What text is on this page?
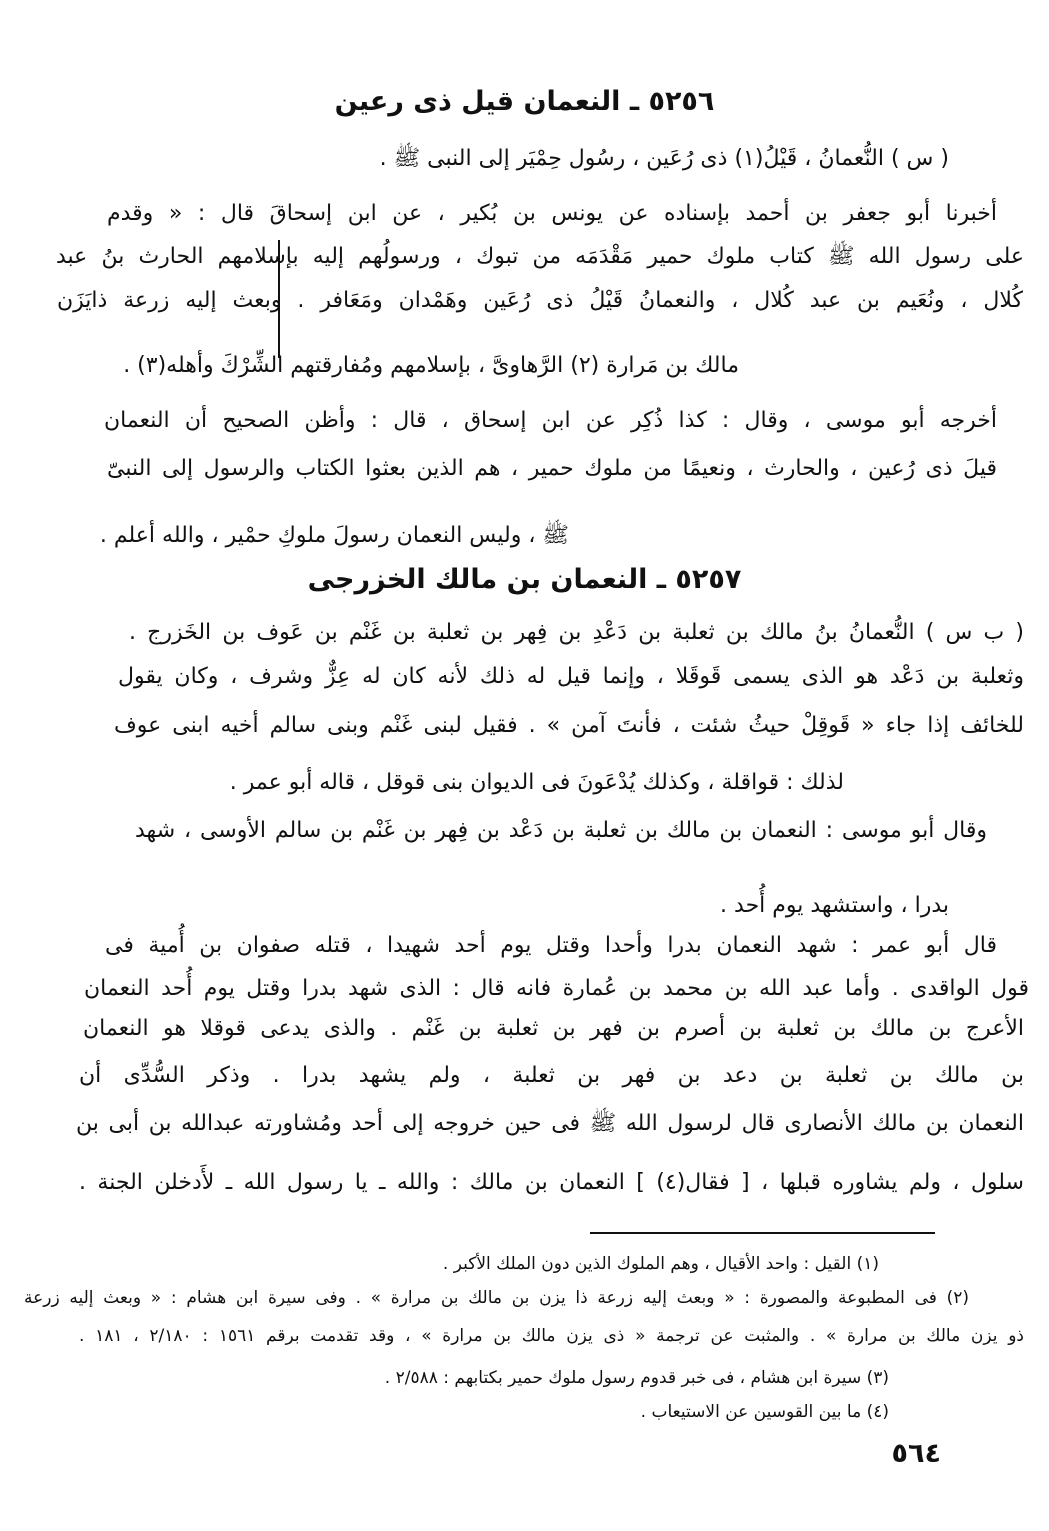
٥٢٥٦ ـ النعمان قيل ذى رعين
( س ) النُّعمانُ ، قَيْلُ(١) ذى رُعَين ، رسُول حِمْيَر إلى النبى ﷺ .
أخبرنا أبو جعفر بن أحمد بإسناده عن يونس بن بُكير ، عن ابن إسحاقَ قال : « وقدم
على رسول الله ﷺ كتاب ملوك حمير مَقْدَمَه من تبوك ، ورسولُهم إليه بإسلامهم الحارث بنُ عبد
كُلال ، ونُعَيم بن عبد كُلال ، والنعمانُ قَيْلُ ذى رُعَين وهَمْدان ومَعَافر . وبعث إليه زرعة ذايَزَن
مالك بن مَرارة (٢) الرَّهاوىَّ ، بإسلامهم ومُفارقتهم الشِّرْكَ وأهله(٣) .
أخرجه أبو موسى ، وقال : كذا ذُكِر عن ابن إسحاق ، قال : وأظن الصحيح أن النعمان
قيلَ ذى رُعين ، والحارث ، ونعيمًا من ملوك حمير ، هم الذين بعثوا الكتاب والرسول إلى النبىّ
ﷺ ، وليس النعمان رسولَ ملوكِ حمْير ، والله أعلم .
٥٢٥٧ ـ النعمان بن مالك الخزرجى
( ب س ) النُّعمانُ بنُ مالك بن ثعلبة بن دَعْدِ بن فِهر بن ثعلبة بن غَنْم بن عَوف بن الخَزرج .
وثعلبة بن دَعْد هو الذى يسمى قَوقَلا ، وإنما قيل له ذلك لأنه كان له عِزٌّ وشرف ، وكان يقول
للخائف إذا جاء « قَوقِلْ حيثُ شئت ، فأنتَ آمن » . فقيل لبنى غَنْم وبنى سالم أخيه ابنى عوف
لذلك : قواقلة ، وكذلك يُدْعَونَ فى الديوان بنى قوقل ، قاله أبو عمر .
وقال أبو موسى : النعمان بن مالك بن ثعلبة بن دَعْد بن فِهر بن غَنْم بن سالم الأوسى ، شهد
بدرا ، واستشهد يوم أُحد .
قال أبو عمر : شهد النعمان بدرا وأحدا وقتل يوم أحد شهيدا ، قتله صفوان بن أُمية فى
قول الواقدى . وأما عبد الله بن محمد بن عُمارة فانه قال : الذى شهد بدرا وقتل يوم أُحد النعمان
الأعرج بن مالك بن ثعلبة بن أصرم بن فهر بن ثعلبة بن غَنْم . والذى يدعى قوقلا هو النعمان
بن مالك بن ثعلبة بن دعد بن فهر بن ثعلبة ، ولم يشهد بدرا . وذكر السُّدِّى أن
النعمان بن مالك الأنصارى قال لرسول الله ﷺ فى حين خروجه إلى أحد ومُشاورته عبدالله بن أبى بن
سلول ، ولم يشاوره قبلها ، [ فقال(٤) ] النعمان بن مالك : والله ـ يا رسول الله ـ لأَدخلن الجنة .
(١) القيل : واحد الأقيال ، وهم الملوك الذين دون الملك الأكبر .
(٢) فى المطبوعة والمصورة : « وبعث إليه زرعة ذا يزن بن مالك بن مرارة » . وفى سيرة ابن هشام : « وبعث إليه زرعة
ذو يزن مالك بن مرارة » . والمثبت عن ترجمة « ذى يزن مالك بن مرارة » ، وقد تقدمت برقم ١٥٦١ : ٢/١٨٠ ، ١٨١ .
(٣) سيرة ابن هشام ، فى خبر قدوم رسول ملوك حمير بكتابهم : ٢/٥٨٨ .
(٤) ما بين القوسين عن الاستيعاب .
٥٦٤
